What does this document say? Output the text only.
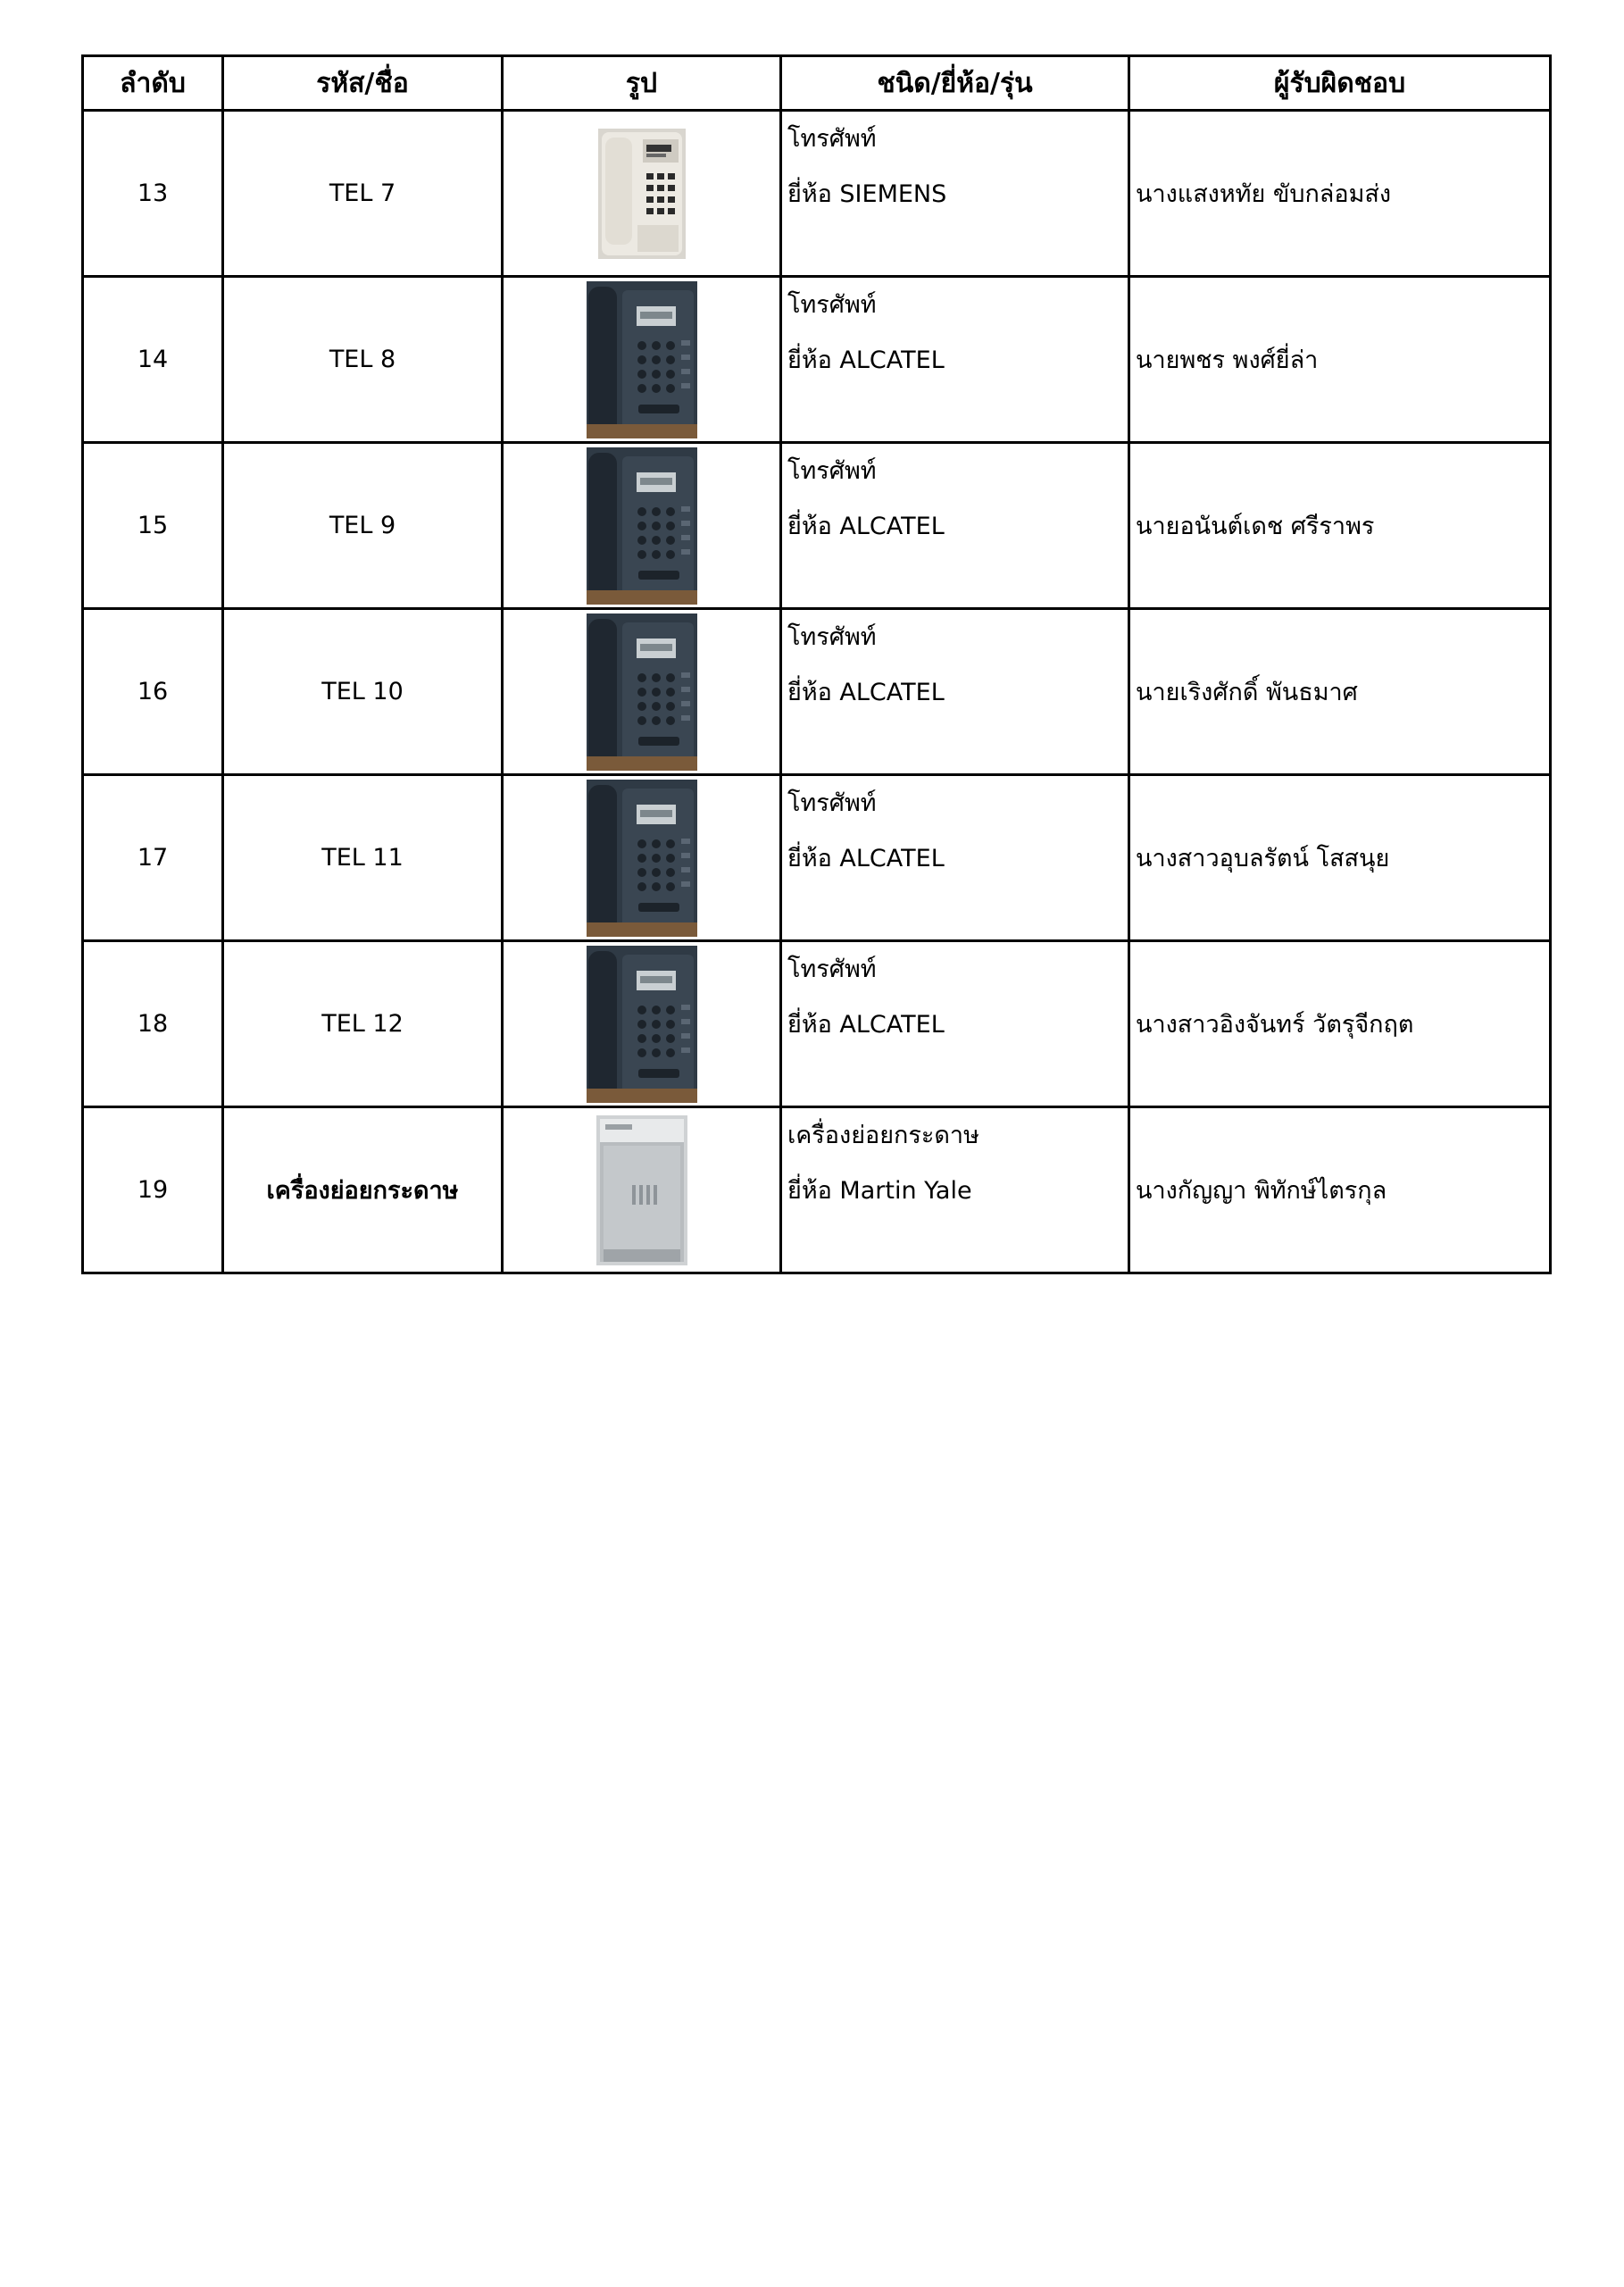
ลำดับ	รหัส/ชื่อ	รูป	ชนิด/ยี่ห้อ/รุ่น	ผู้รับผิดชอบ
13	TEL 7		โทรศัพท์
ยี่ห้อ SIEMENS	นางแสงหทัย ขับกล่อมส่ง
14	TEL 8		โทรศัพท์
ยี่ห้อ ALCATEL	นายพชร พงศ์ยี่ล่า
15	TEL 9		โทรศัพท์
ยี่ห้อ ALCATEL	นายอนันต์เดช ศรีราพร
16	TEL 10		โทรศัพท์
ยี่ห้อ ALCATEL	นายเริงศักดิ์ พันธมาศ
17	TEL 11		โทรศัพท์
ยี่ห้อ ALCATEL	นางสาวอุบลรัตน์ โสสนุย
18	TEL 12		โทรศัพท์
ยี่ห้อ ALCATEL	นางสาวอิงจันทร์ วัตรุจีกฤต
19	เครื่องย่อยกระดาษ		เครื่องย่อยกระดาษ
ยี่ห้อ Martin Yale	นางกัญญา พิทักษ์ไตรกุล
